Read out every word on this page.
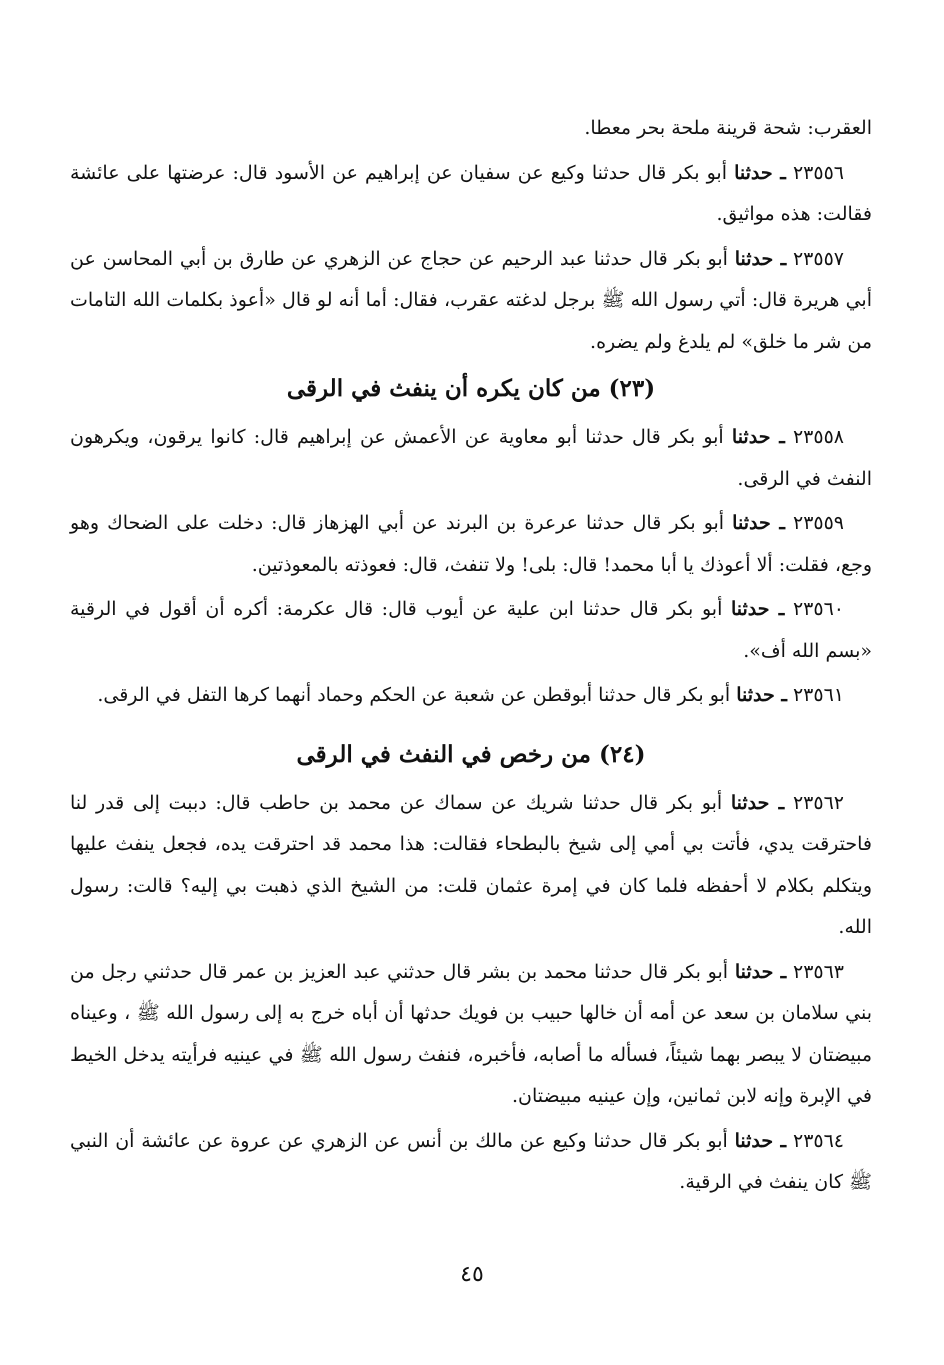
العقرب: شحة قرينة ملحة بحر معطا.

٢٣٥٥٦ ـ حدثنا أبو بكر قال حدثنا وكيع عن سفيان عن إبراهيم عن الأسود قال: عرضتها على عائشة فقالت: هذه مواثيق.

٢٣٥٥٧ ـ حدثنا أبو بكر قال حدثنا عبد الرحيم عن حجاج عن الزهري عن طارق بن أبي المحاسن عن أبي هريرة قال: أتي رسول الله ﷺ برجل لدغته عقرب، فقال: أما أنه لو قال «أعوذ بكلمات الله التامات من شر ما خلق» لم يلدغ ولم يضره.

(٢٣) من كان يكره أن ينفث في الرقى

٢٣٥٥٨ ـ حدثنا أبو بكر قال حدثنا أبو معاوية عن الأعمش عن إبراهيم قال: كانوا يرقون، ويكرهون النفث في الرقى.

٢٣٥٥٩ ـ حدثنا أبو بكر قال حدثنا عرعرة بن البرند عن أبي الهزهاز قال: دخلت على الضحاك وهو وجع، فقلت: ألا أعوذك يا أبا محمد! قال: بلى! ولا تنفث، قال: فعوذته بالمعوذتين.

٢٣٥٦٠ ـ حدثنا أبو بكر قال حدثنا ابن علية عن أيوب قال: قال عكرمة: أكره أن أقول في الرقية «بسم الله أف».

٢٣٥٦١ ـ حدثنا أبو بكر قال حدثنا أبوقطن عن شعبة عن الحكم وحماد أنهما كرها التفل في الرقى.

(٢٤) من رخص في النفث في الرقى

٢٣٥٦٢ ـ حدثنا أبو بكر قال حدثنا شريك عن سماك عن محمد بن حاطب قال: دببت إلى قدر لنا فاحترقت يدي، فأتت بي أمي إلى شيخ بالبطحاء فقالت: هذا محمد قد احترقت يده، فجعل ينفث عليها ويتكلم بكلام لا أحفظه فلما كان في إمرة عثمان قلت: من الشيخ الذي ذهبت بي إليه؟ قالت: رسول الله.

٢٣٥٦٣ ـ حدثنا أبو بكر قال حدثنا محمد بن بشر قال حدثني عبد العزيز بن عمر قال حدثني رجل من بني سلامان بن سعد عن أمه أن خالها حبيب بن فويك حدثها أن أباه خرج به إلى رسول الله ﷺ ، وعيناه مبيضتان لا يبصر بهما شيئاً، فسأله ما أصابه، فأخبره، فنفث رسول الله ﷺ في عينيه فرأيته يدخل الخيط في الإبرة وإنه لابن ثمانين، وإن عينيه مبيضتان.

٢٣٥٦٤ ـ حدثنا أبو بكر قال حدثنا وكيع عن مالك بن أنس عن الزهري عن عروة عن عائشة أن النبي ﷺ كان ينفث في الرقية.

٤٥
